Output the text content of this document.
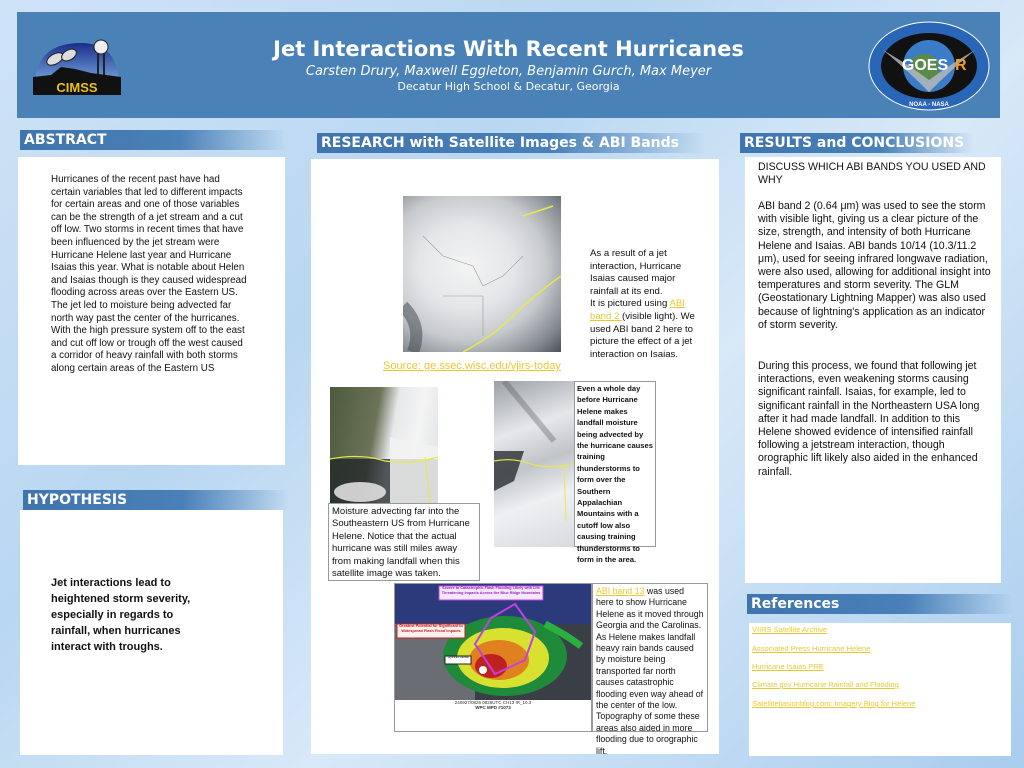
CIMSS
Jet Interactions With Recent Hurricanes
Carsten Drury, Maxwell Eggleton, Benjamin Gurch, Max Meyer
Decatur High School & Decatur, Georgia
GOES R
NOAA - NASA
ABSTRACT
Hurricanes of the recent past have had certain variables that led to different impacts for certain areas and one of those variables can be the strength of a jet stream and a cut off low. Two storms in recent times that have been influenced by the jet stream were Hurricane Helene last year and Hurricane Isaias this year. What is notable about Helen and Isaias though is they caused widespread flooding across areas over the Eastern US. The jet led to moisture being advected far north way past the center of the hurricanes. With the high pressure system off to the east and cut off low or trough off the west caused a corridor of heavy rainfall with both storms along certain areas of the Eastern US
HYPOTHESIS
Jet interactions lead to heightened storm severity, especially in regards to rainfall, when hurricanes interact with troughs.
RESEARCH with Satellite Images & ABI Bands
As a result of a jet interaction, Hurricane Isaias caused major rainfall at its end.
It is pictured using ABI band 2 (visible light). We used ABI band 2 here to picture the effect of a jet interaction on Isaias.
Source: ge.ssec.wisc.edu/vjirs-today
Moisture advecting far into the Southeastern US from Hurricane Helene. Notice that the actual hurricane was still miles away from making landfall when this satellite image was taken.
Even a whole day before Hurricane Helene makes landfall moisture being advected by the hurricane causes training thunderstorms to form over the Southern Appalachian Mountains with a cutoff low also causing training thunderstorms to form in the area.
Severe to Catastrophic Flash Flooding Likely with Life Threatening Impacts Across the Blue Ridge Mountains
Greatest Potential for Significant to Widespread Flash Flood Impacts
Significant Rainfall
240927/0826 0826UTC CH13 IR_10.3
WPC MPD #1073
ABI band 13 was used here to show Hurricane Helene as it moved through Georgia and the Carolinas. As Helene makes landfall heavy rain bands caused by moisture being transported far north causes catastrophic flooding even way ahead of the center of the low. Topography of some these areas also aided in more flooding due to orographic lift.
RESULTS and CONCLUSIONS
DISCUSS WHICH ABI BANDS YOU USED AND WHY
ABI band 2 (0.64 μm) was used to see the storm with visible light, giving us a clear picture of the size, strength, and intensity of both Hurricane Helene and Isaias. ABI bands 10/14 (10.3/11.2 μm), used for seeing infrared longwave radiation, were also used, allowing for additional insight into temperatures and storm severity. The GLM (Geostationary Lightning Mapper) was also used because of lightning's application as an indicator of storm severity.
During this process, we found that following jet interactions, even weakening storms causing significant rainfall. Isaias, for example, led to significant rainfall in the Northeastern USA long after it had made landfall. In addition to this Helene showed evidence of intensified rainfall following a jetstream interaction, though orographic lift likely also aided in the enhanced rainfall.
References
VIIRS Satellite Archive
Associated Press Hurricane Helene
Hurricane Isaias PRE
Climate.gov Hurricane Rainfall and Flooding
Satelliteliasionblog.com: Imagery Blog for Helene
